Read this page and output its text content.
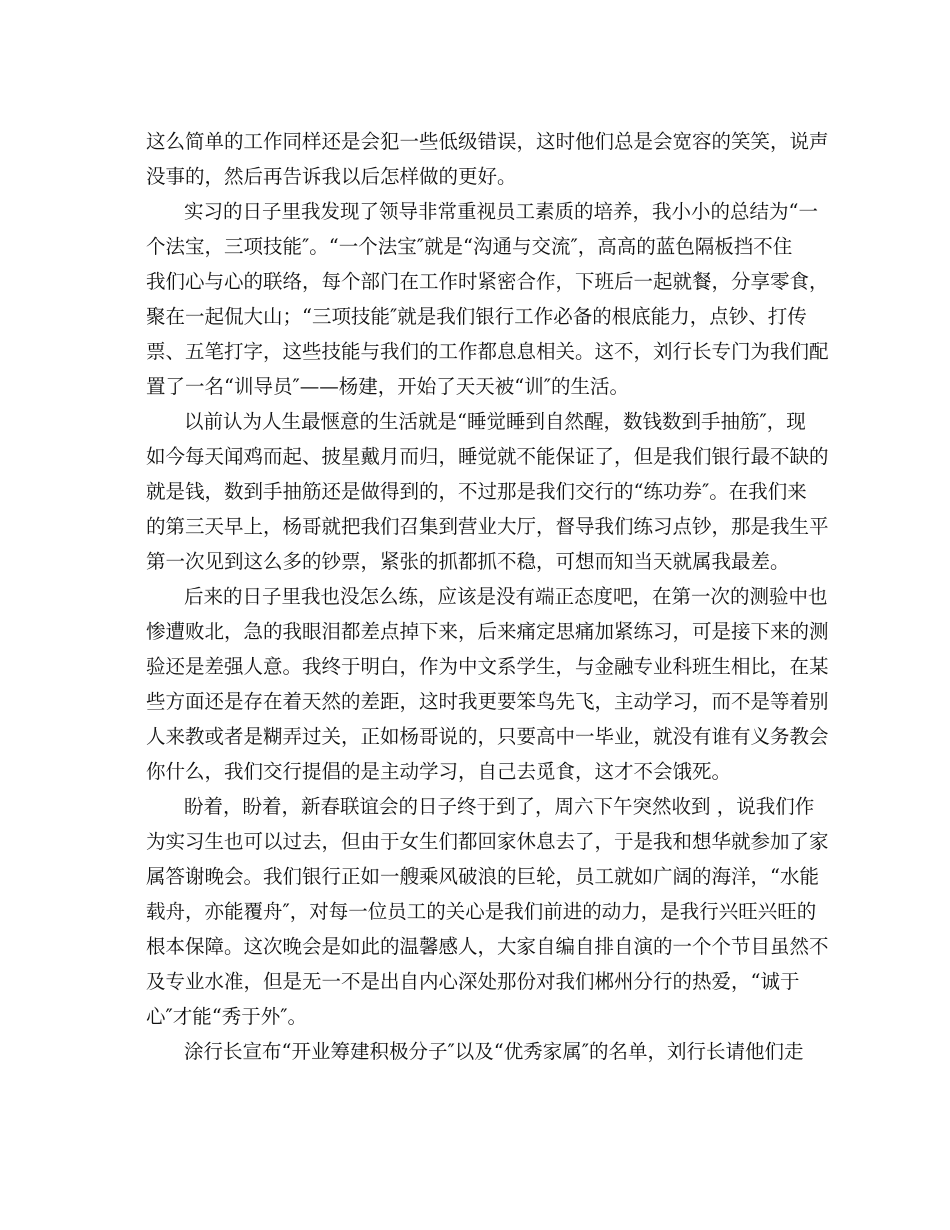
这么简单的工作同样还是会犯一些低级错误，这时他们总是会宽容的笑笑，说声
没事的，然后再告诉我以后怎样做的更好。

实习的日子里我发现了领导非常重视员工素质的培养，我小小的总结为“一
个法宝，三项技能″。“一个法宝″就是“沟通与交流″，高高的蓝色隔板挡不住
我们心与心的联络，每个部门在工作时紧密合作，下班后一起就餐，分享零食，
聚在一起侃大山；“三项技能″就是我们银行工作必备的根底能力，点钞、打传
票、五笔打字，这些技能与我们的工作都息息相关。这不，刘行长专门为我们配
置了一名“训导员″——杨建，开始了天天被“训″的生活。

以前认为人生最惬意的生活就是“睡觉睡到自然醒，数钱数到手抽筋″，现
如今每天闻鸡而起、披星戴月而归，睡觉就不能保证了，但是我们银行最不缺的
就是钱，数到手抽筋还是做得到的，不过那是我们交行的“练功券″。在我们来
的第三天早上，杨哥就把我们召集到营业大厅，督导我们练习点钞，那是我生平
第一次见到这么多的钞票，紧张的抓都抓不稳，可想而知当天就属我最差。

后来的日子里我也没怎么练，应该是没有端正态度吧，在第一次的测验中也
惨遭败北，急的我眼泪都差点掉下来，后来痛定思痛加紧练习，可是接下来的测
验还是差强人意。我终于明白，作为中文系学生，与金融专业科班生相比，在某
些方面还是存在着天然的差距，这时我更要笨鸟先飞，主动学习，而不是等着别
人来教或者是糊弄过关，正如杨哥说的，只要高中一毕业，就没有谁有义务教会
你什么，我们交行提倡的是主动学习，自己去觅食，这才不会饿死。

盼着，盼着，新春联谊会的日子终于到了，周六下午突然收到 ，说我们作
为实习生也可以过去，但由于女生们都回家休息去了，于是我和想华就参加了家
属答谢晚会。我们银行正如一艘乘风破浪的巨轮，员工就如广阔的海洋，“水能
载舟，亦能覆舟″，对每一位员工的关心是我们前进的动力，是我行兴旺兴旺的
根本保障。这次晚会是如此的温馨感人，大家自编自排自演的一个个节目虽然不
及专业水准，但是无一不是出自内心深处那份对我们郴州分行的热爱，“诚于
心″才能“秀于外″。

涂行长宣布“开业筹建积极分子″以及“优秀家属″的名单，刘行长请他们走
